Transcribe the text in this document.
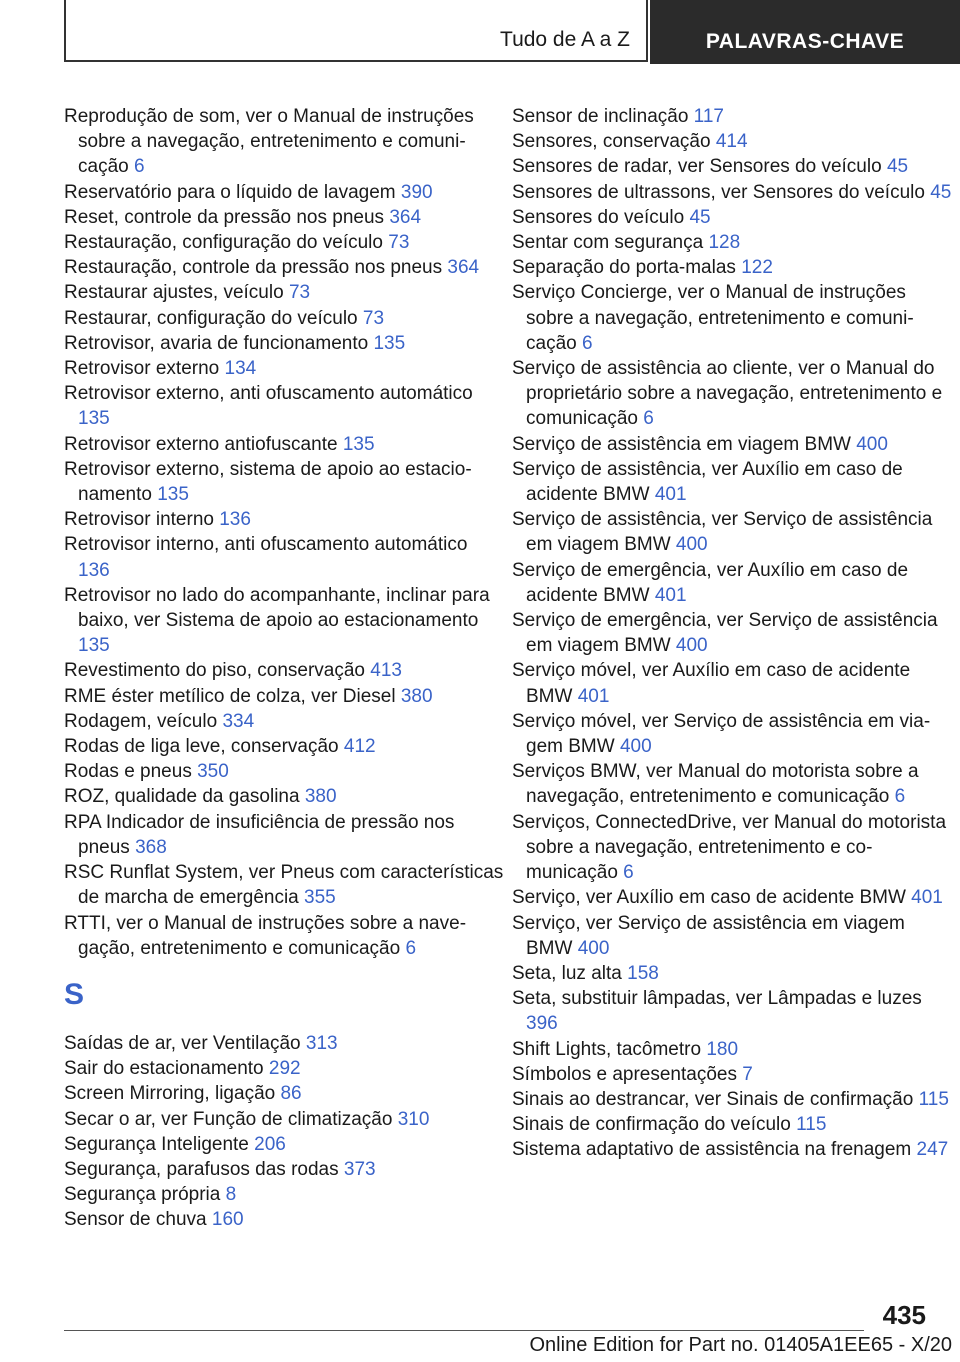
Tudo de A a Z	PALAVRAS-CHAVE
Reprodução de som, ver o Manual de instruções sobre a navegação, entretenimento e comunicação 6
Reservatório para o líquido de lavagem 390
Reset, controle da pressão nos pneus 364
Restauração, configuração do veículo 73
Restauração, controle da pressão nos pneus 364
Restaurar ajustes, veículo 73
Restaurar, configuração do veículo 73
Retrovisor, avaria de funcionamento 135
Retrovisor externo 134
Retrovisor externo, anti ofuscamento automático 135
Retrovisor externo antiofuscante 135
Retrovisor externo, sistema de apoio ao estacionamento 135
Retrovisor interno 136
Retrovisor interno, anti ofuscamento automático 136
Retrovisor no lado do acompanhante, inclinar para baixo, ver Sistema de apoio ao estacionamento 135
Revestimento do piso, conservação 413
RME éster metílico de colza, ver Diesel 380
Rodagem, veículo 334
Rodas de liga leve, conservação 412
Rodas e pneus 350
ROZ, qualidade da gasolina 380
RPA Indicador de insuficiência de pressão nos pneus 368
RSC Runflat System, ver Pneus com características de marcha de emergência 355
RTTI, ver o Manual de instruções sobre a navegação, entretenimento e comunicação 6
S
Saídas de ar, ver Ventilação 313
Sair do estacionamento 292
Screen Mirroring, ligação 86
Secar o ar, ver Função de climatização 310
Segurança Inteligente 206
Segurança, parafusos das rodas 373
Segurança própria 8
Sensor de chuva 160
Sensor de inclinação 117
Sensores, conservação 414
Sensores de radar, ver Sensores do veículo 45
Sensores de ultrassons, ver Sensores do veículo 45
Sensores do veículo 45
Sentar com segurança 128
Separação do porta-malas 122
Serviço Concierge, ver o Manual de instruções sobre a navegação, entretenimento e comunicação 6
Serviço de assistência ao cliente, ver o Manual do proprietário sobre a navegação, entretenimento e comunicação 6
Serviço de assistência em viagem BMW 400
Serviço de assistência, ver Auxílio em caso de acidente BMW 401
Serviço de assistência, ver Serviço de assistência em viagem BMW 400
Serviço de emergência, ver Auxílio em caso de acidente BMW 401
Serviço de emergência, ver Serviço de assistência em viagem BMW 400
Serviço móvel, ver Auxílio em caso de acidente BMW 401
Serviço móvel, ver Serviço de assistência em viagem BMW 400
Serviços BMW, ver Manual do motorista sobre a navegação, entretenimento e comunicação 6
Serviços, ConnectedDrive, ver Manual do motorista sobre a navegação, entretenimento e comunicação 6
Serviço, ver Auxílio em caso de acidente BMW 401
Serviço, ver Serviço de assistência em viagem BMW 400
Seta, luz alta 158
Seta, substituir lâmpadas, ver Lâmpadas e luzes 396
Shift Lights, tacômetro 180
Símbolos e apresentações 7
Sinais ao destrancar, ver Sinais de confirmação 115
Sinais de confirmação do veículo 115
Sistema adaptativo de assistência na frenagem 247
435
Online Edition for Part no. 01405A1EE65 - X/20
